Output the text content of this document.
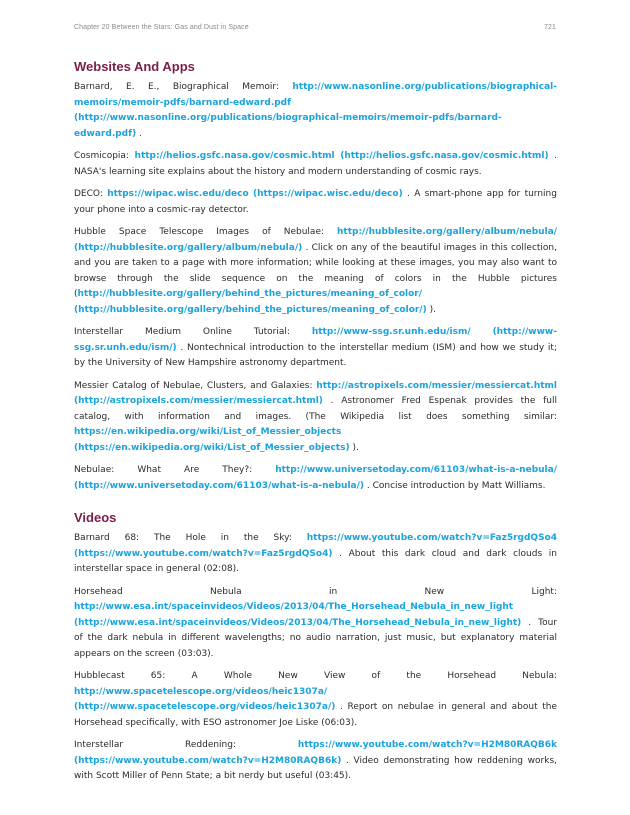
Chapter 20 Between the Stars: Gas and Dust in Space	721
Websites And Apps

Barnard, E. E., Biographical Memoir: http://www.nasonline.org/publications/biographical-memoirs/memoir-pdfs/barnard-edward.pdf (http://www.nasonline.org/publications/biographical-memoirs/memoir-pdfs/barnard-edward.pdf) .

Cosmicopia: http://helios.gsfc.nasa.gov/cosmic.html (http://helios.gsfc.nasa.gov/cosmic.html) . NASA's learning site explains about the history and modern understanding of cosmic rays.

DECO: https://wipac.wisc.edu/deco (https://wipac.wisc.edu/deco) . A smart-phone app for turning your phone into a cosmic-ray detector.

Hubble Space Telescope Images of Nebulae: http://hubblesite.org/gallery/album/nebula/ (http://hubblesite.org/gallery/album/nebula/) . Click on any of the beautiful images in this collection, and you are taken to a page with more information; while looking at these images, you may also want to browse through the slide sequence on the meaning of colors in the Hubble pictures (http://hubblesite.org/gallery/behind_the_pictures/meaning_of_color/ (http://hubblesite.org/gallery/behind_the_pictures/meaning_of_color/) ).

Interstellar Medium Online Tutorial: http://www-ssg.sr.unh.edu/ism/ (http://www-ssg.sr.unh.edu/ism/) . Nontechnical introduction to the interstellar medium (ISM) and how we study it; by the University of New Hampshire astronomy department.

Messier Catalog of Nebulae, Clusters, and Galaxies: http://astropixels.com/messier/messiercat.html (http://astropixels.com/messier/messiercat.html) . Astronomer Fred Espenak provides the full catalog, with information and images. (The Wikipedia list does something similar: https://en.wikipedia.org/wiki/List_of_Messier_objects (https://en.wikipedia.org/wiki/List_of_Messier_objects) ).

Nebulae: What Are They?: http://www.universetoday.com/61103/what-is-a-nebula/ (http://www.universetoday.com/61103/what-is-a-nebula/) . Concise introduction by Matt Williams.

Videos

Barnard 68: The Hole in the Sky: https://www.youtube.com/watch?v=Faz5rgdQSo4 (https://www.youtube.com/watch?v=Faz5rgdQSo4) . About this dark cloud and dark clouds in interstellar space in general (02:08).

Horsehead Nebula in New Light: http://www.esa.int/spaceinvideos/Videos/2013/04/The_Horsehead_Nebula_in_new_light (http://www.esa.int/spaceinvideos/Videos/2013/04/The_Horsehead_Nebula_in_new_light) . Tour of the dark nebula in different wavelengths; no audio narration, just music, but explanatory material appears on the screen (03:03).

Hubblecast 65: A Whole New View of the Horsehead Nebula: http://www.spacetelescope.org/videos/heic1307a/ (http://www.spacetelescope.org/videos/heic1307a/) . Report on nebulae in general and about the Horsehead specifically, with ESO astronomer Joe Liske (06:03).

Interstellar Reddening: https://www.youtube.com/watch?v=H2M80RAQB6k (https://www.youtube.com/watch?v=H2M80RAQB6k) . Video demonstrating how reddening works, with Scott Miller of Penn State; a bit nerdy but useful (03:45).
